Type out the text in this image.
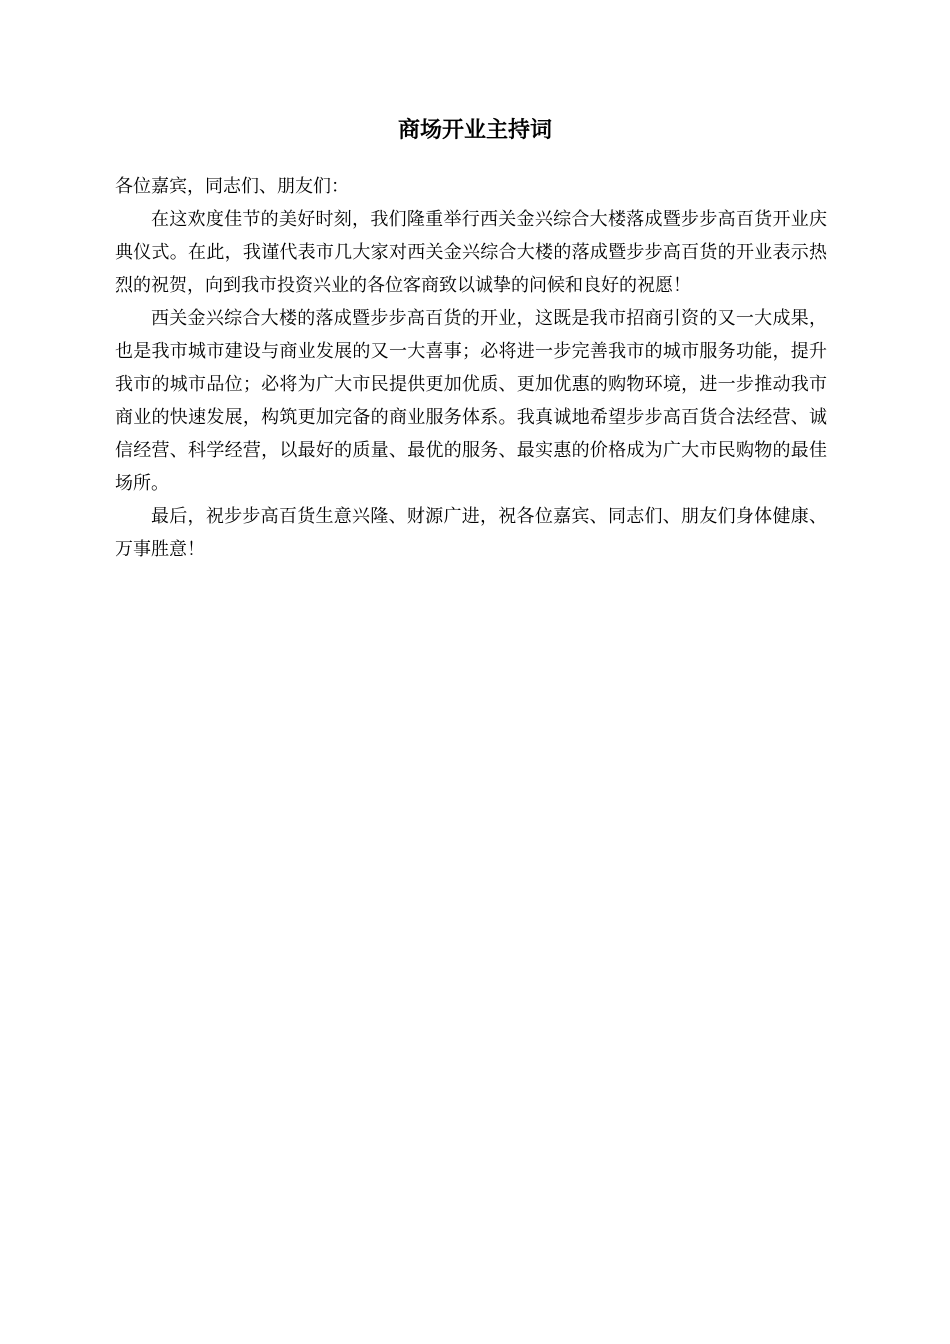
商场开业主持词

各位嘉宾，同志们、朋友们：

在这欢度佳节的美好时刻，我们隆重举行西关金兴综合大楼落成暨步步高百货开业庆典仪式。在此，我谨代表市几大家对西关金兴综合大楼的落成暨步步高百货的开业表示热烈的祝贺，向到我市投资兴业的各位客商致以诚挚的问候和良好的祝愿！

西关金兴综合大楼的落成暨步步高百货的开业，这既是我市招商引资的又一大成果，也是我市城市建设与商业发展的又一大喜事；必将进一步完善我市的城市服务功能，提升我市的城市品位；必将为广大市民提供更加优质、更加优惠的购物环境，进一步推动我市商业的快速发展，构筑更加完备的商业服务体系。我真诚地希望步步高百货合法经营、诚信经营、科学经营，以最好的质量、最优的服务、最实惠的价格成为广大市民购物的最佳场所。

最后，祝步步高百货生意兴隆、财源广进，祝各位嘉宾、同志们、朋友们身体健康、万事胜意！
